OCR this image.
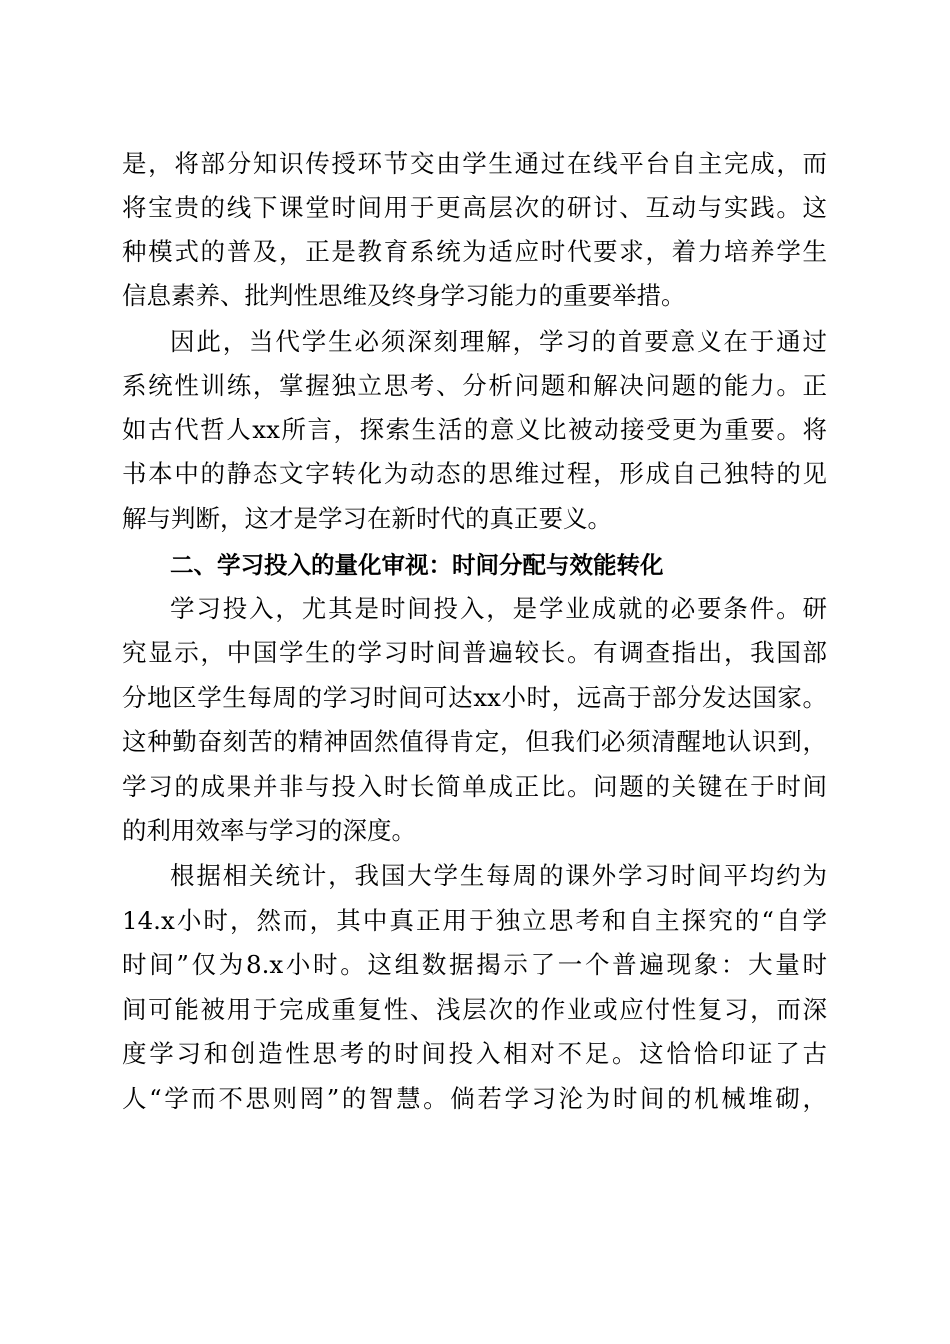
是，将部分知识传授环节交由学生通过在线平台自主完成，而
将宝贵的线下课堂时间用于更高层次的研讨、互动与实践。这
种模式的普及，正是教育系统为适应时代要求，着力培养学生
信息素养、批判性思维及终身学习能力的重要举措。
因此，当代学生必须深刻理解，学习的首要意义在于通过
系统性训练，掌握独立思考、分析问题和解决问题的能力。正
如古代哲人xx所言，探索生活的意义比被动接受更为重要。将
书本中的静态文字转化为动态的思维过程，形成自己独特的见
解与判断，这才是学习在新时代的真正要义。
二、学习投入的量化审视：时间分配与效能转化
学习投入，尤其是时间投入，是学业成就的必要条件。研
究显示，中国学生的学习时间普遍较长。有调查指出，我国部
分地区学生每周的学习时间可达xx小时，远高于部分发达国家。
这种勤奋刻苦的精神固然值得肯定，但我们必须清醒地认识到，
学习的成果并非与投入时长简单成正比。问题的关键在于时间
的利用效率与学习的深度。
根据相关统计，我国大学生每周的课外学习时间平均约为
14.x小时，然而，其中真正用于独立思考和自主探究的“自学
时间”仅为8.x小时。这组数据揭示了一个普遍现象：大量时
间可能被用于完成重复性、浅层次的作业或应付性复习，而深
度学习和创造性思考的时间投入相对不足。这恰恰印证了古
人“学而不思则罔”的智慧。倘若学习沦为时间的机械堆砌，
